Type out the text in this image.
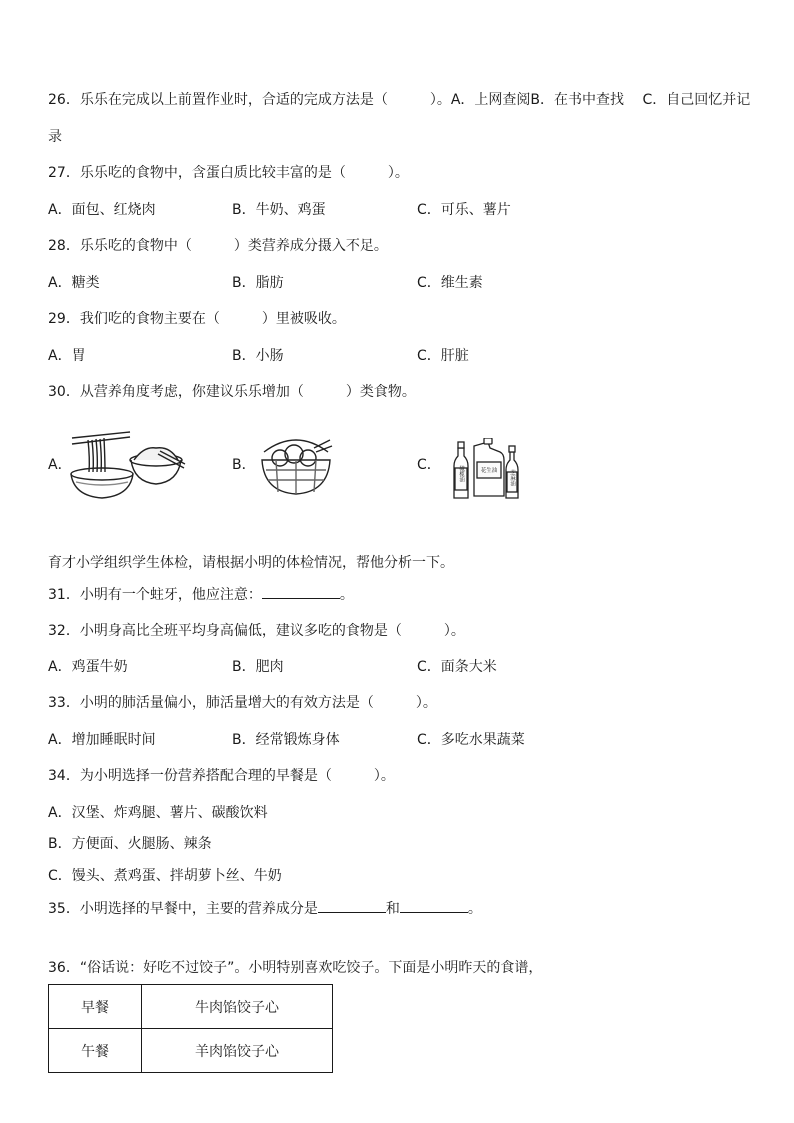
26．乐乐在完成以上前置作业时，合适的完成方法是（　　　）。A．上网查阅B．在书中查找　 C．自己回忆并记
录
27．乐乐吃的食物中，含蛋白质比较丰富的是（　　　）。
A．面包、红烧肉	B．牛奶、鸡蛋	C．可乐、薯片
28．乐乐吃的食物中（　　　）类营养成分摄入不足。
A．糖类	B．脂肪	C．维生素
29．我们吃的食物主要在（　　　）里被吸收。
A．胃	B．小肠	C．肝脏
30．从营养角度考虑，你建议乐乐增加（　　　）类食物。
A．	B．	C．
橄榄油	花生油 芝麻油
育才小学组织学生体检，请根据小明的体检情况，帮他分析一下。
31．小明有一个蛀牙，他应注意：	。
32．小明身高比全班平均身高偏低，建议多吃的食物是（　　　）。
A．鸡蛋牛奶	B．肥肉	C．面条大米
33．小明的肺活量偏小，肺活量增大的有效方法是（　　　）。
A．增加睡眠时间	B．经常锻炼身体	C．多吃水果蔬菜
34．为小明选择一份营养搭配合理的早餐是（　　　）。
A．汉堡、炸鸡腿、薯片、碳酸饮料
B．方便面、火腿肠、辣条
C．馒头、煮鸡蛋、拌胡萝卜丝、牛奶
35．小明选择的早餐中，主要的营养成分是	和	。
36．“俗话说：好吃不过饺子”。小明特别喜欢吃饺子。下面是小明昨天的食谱，
早餐	牛肉馅饺子心
午餐	羊肉馅饺子心
